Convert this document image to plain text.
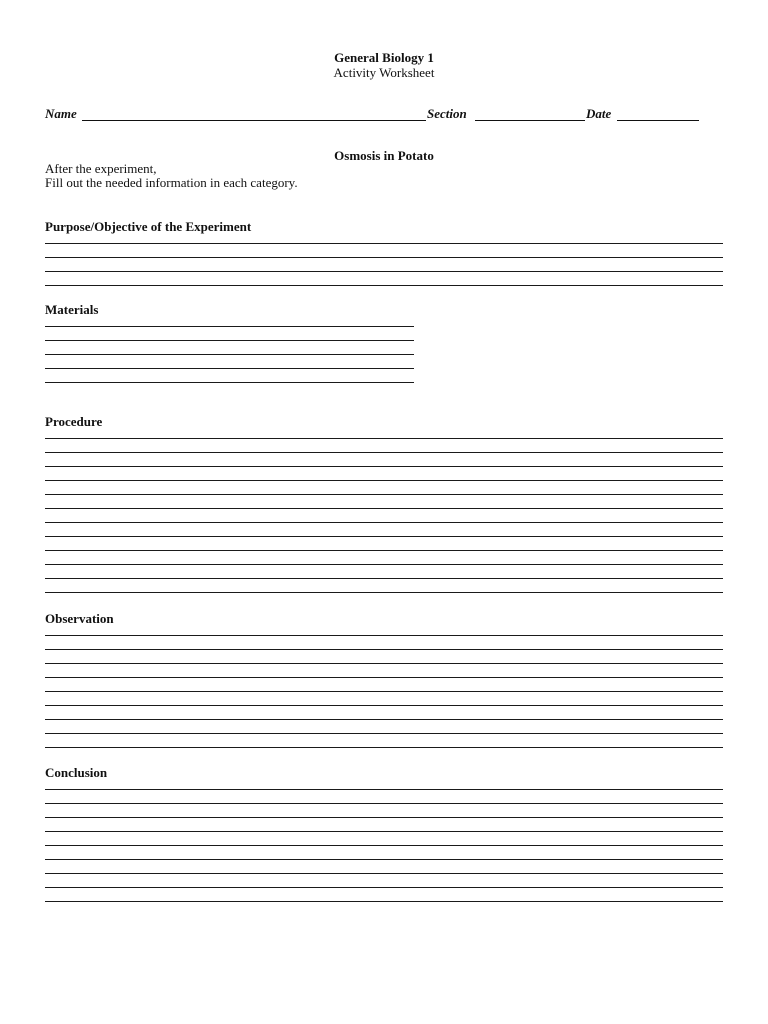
General Biology 1
Activity Worksheet
Name	Section	Date
Osmosis in Potato
After the experiment,
Fill out the needed information in each category.
Purpose/Objective of the Experiment
Materials
Procedure
Observation
Conclusion
